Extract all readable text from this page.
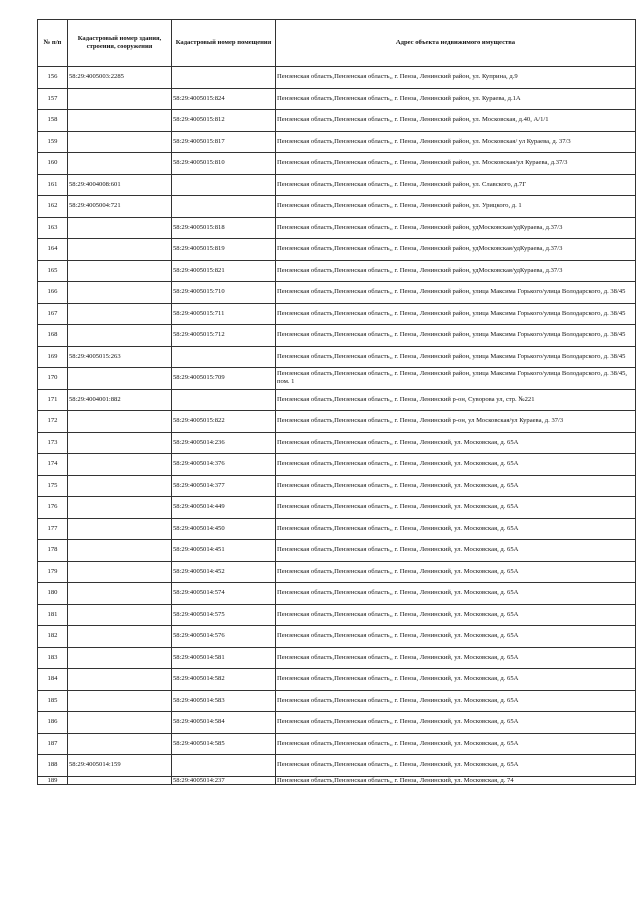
№ п/п	Кадастровый номер здания, строения, сооружения	Кадастровый номер помещения	Адрес объекта недвижимого имущества
156	58:29:4005003:2285		Пензенская область,Пензенская область,, г. Пенза, Ленинский район, ул. Куприна, д.9
157		58:29:4005015:824	Пензенская область,Пензенская область,, г. Пенза, Ленинский район, ул. Кураева, д.1А
158		58:29:4005015:812	Пензенская область,Пензенская область,, г. Пенза, Ленинский район, ул. Московская, д.40, А/1/1
159		58:29:4005015:817	Пензенская область,Пензенская область,, г. Пенза, Ленинский район, ул. Московская/ ул Кураева, д. 37/3
160		58:29:4005015:810	Пензенская область,Пензенская область,, г. Пенза, Ленинский район, ул. Московская/ул Кураева, д.37/3
161	58:29:4004008:601		Пензенская область,Пензенская область,, г. Пенза, Ленинский район, ул. Славского, д.7Г
162	58:29:4005004:721		Пензенская область,Пензенская область,, г. Пенза, Ленинский район, ул. Урицкого, д. 1
163		58:29:4005015:818	Пензенская область,Пензенская область,, г. Пенза, Ленинский район, удМосковская/удКураева, д.37/3
164		58:29:4005015:819	Пензенская область,Пензенская область,, г. Пенза, Ленинский район, удМосковская/удКураева, д.37/3
165		58:29:4005015:821	Пензенская область,Пензенская область,, г. Пенза, Ленинский район, удМосковская/удКураева, д.37/3
166		58:29:4005015:710	Пензенская область,Пензенская область,, г. Пенза, Ленинский район, улица Максима Горького/улица Володарского, д. 38/45
167		58:29:4005015:711	Пензенская область,Пензенская область,, г. Пенза, Ленинский район, улица Максима Горького/улица Володарского, д. 38/45
168		58:29:4005015:712	Пензенская область,Пензенская область,, г. Пенза, Ленинский район, улица Максима Горького/улица Володарского, д. 38/45
169	58:29:4005015:263		Пензенская область,Пензенская область,, г. Пенза, Ленинский район, улица Максима Горького/улица Володарского, д. 38/45
170		58:29:4005015:709	Пензенская область,Пензенская область,, г. Пенза, Ленинский район, улица Максима Горького/улица Володарского, д. 38/45, пом. 1
171	58:29:4004001:882		Пензенская область,Пензенская область,, г. Пенза, Ленинский р-он, Суворова ул, стр. №221
172		58:29:4005015:822	Пензенская область,Пензенская область,, г. Пенза, Ленинский р-он, ул Московская/ул Кураева, д. 37/3
173		58:29:4005014:236	Пензенская область,Пензенская область,, г. Пенза, Ленинский, ул. Московская, д. 65А
174		58:29:4005014:376	Пензенская область,Пензенская область,, г. Пенза, Ленинский, ул. Московская, д. 65А
175		58:29:4005014:377	Пензенская область,Пензенская область,, г. Пенза, Ленинский, ул. Московская, д. 65А
176		58:29:4005014:449	Пензенская область,Пензенская область,, г. Пенза, Ленинский, ул. Московская, д. 65А
177		58:29:4005014:450	Пензенская область,Пензенская область,, г. Пенза, Ленинский, ул. Московская, д. 65А
178		58:29:4005014:451	Пензенская область,Пензенская область,, г. Пенза, Ленинский, ул. Московская, д. 65А
179		58:29:4005014:452	Пензенская область,Пензенская область,, г. Пенза, Ленинский, ул. Московская, д. 65А
180		58:29:4005014:574	Пензенская область,Пензенская область,, г. Пенза, Ленинский, ул. Московская, д. 65А
181		58:29:4005014:575	Пензенская область,Пензенская область,, г. Пенза, Ленинский, ул. Московская, д. 65А
182		58:29:4005014:576	Пензенская область,Пензенская область,, г. Пенза, Ленинский, ул. Московская, д. 65А
183		58:29:4005014:581	Пензенская область,Пензенская область,, г. Пенза, Ленинский, ул. Московская, д. 65А
184		58:29:4005014:582	Пензенская область,Пензенская область,, г. Пенза, Ленинский, ул. Московская, д. 65А
185		58:29:4005014:583	Пензенская область,Пензенская область,, г. Пенза, Ленинский, ул. Московская, д. 65А
186		58:29:4005014:584	Пензенская область,Пензенская область,, г. Пенза, Ленинский, ул. Московская, д. 65А
187		58:29:4005014:585	Пензенская область,Пензенская область,, г. Пенза, Ленинский, ул. Московская, д. 65А
188	58:29:4005014:159		Пензенская область,Пензенская область,, г. Пенза, Ленинский, ул. Московская, д. 65А
189		58:29:4005014:237	Пензенская область,Пензенская область,, г. Пенза, Ленинский, ул. Московская, д. 74
